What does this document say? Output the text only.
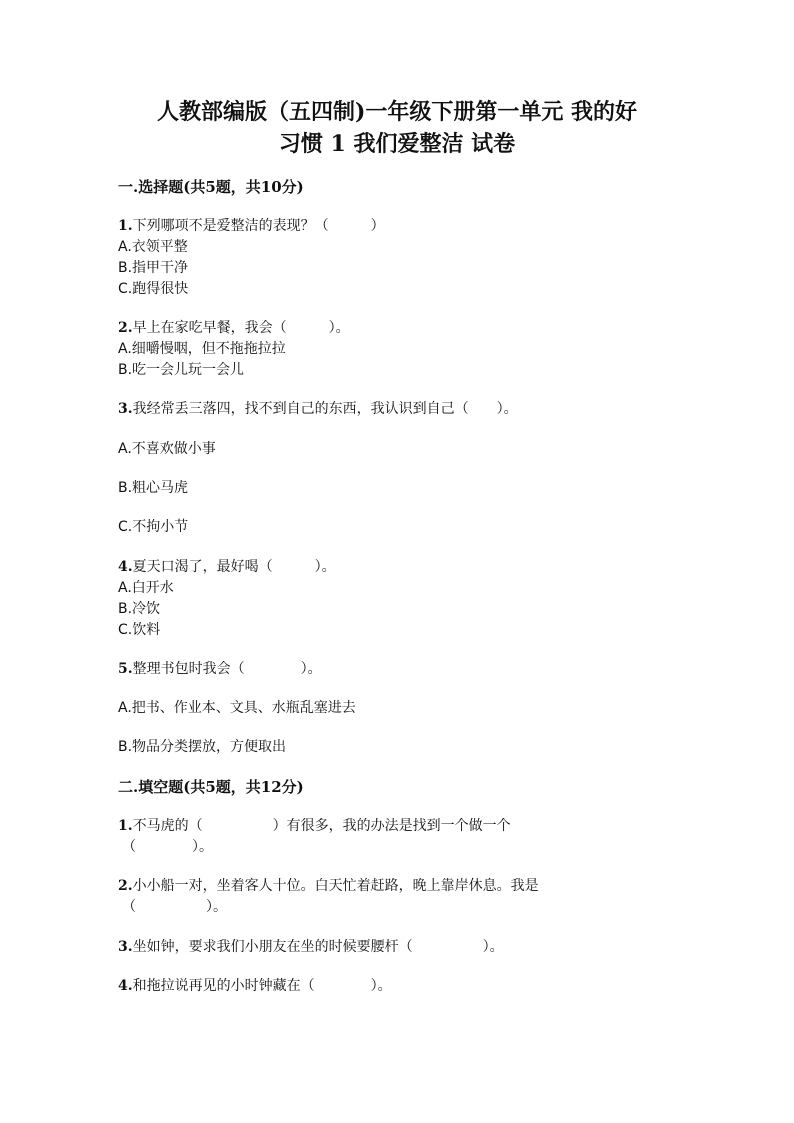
人教部编版（五四制)一年级下册第一单元 我的好
习惯 1 我们爱整洁 试卷
一.选择题(共5题，共10分)
1.下列哪项不是爱整洁的表现？（　　　）
A.衣领平整
B.指甲干净
C.跑得很快
2.早上在家吃早餐，我会（　　　）。
A.细嚼慢咽，但不拖拖拉拉
B.吃一会儿玩一会儿
3.我经常丢三落四，找不到自己的东西，我认识到自己（　　）。
A.不喜欢做小事
B.粗心马虎
C.不拘小节
4.夏天口渴了，最好喝（　　　）。
A.白开水
B.冷饮
C.饮料
5.整理书包时我会（　　　　）。
A.把书、作业本、文具、水瓶乱塞进去
B.物品分类摆放，方便取出
二.填空题(共5题，共12分)
1.不马虎的（　　　　　）有很多，我的办法是找到一个做一个
（　　　　）。
2.小小船一对，坐着客人十位。白天忙着赶路，晚上靠岸休息。我是
（　　　　　）。
3.坐如钟，要求我们小朋友在坐的时候要腰杆（　　　　　）。
4.和拖拉说再见的小时钟藏在（　　　　）。
